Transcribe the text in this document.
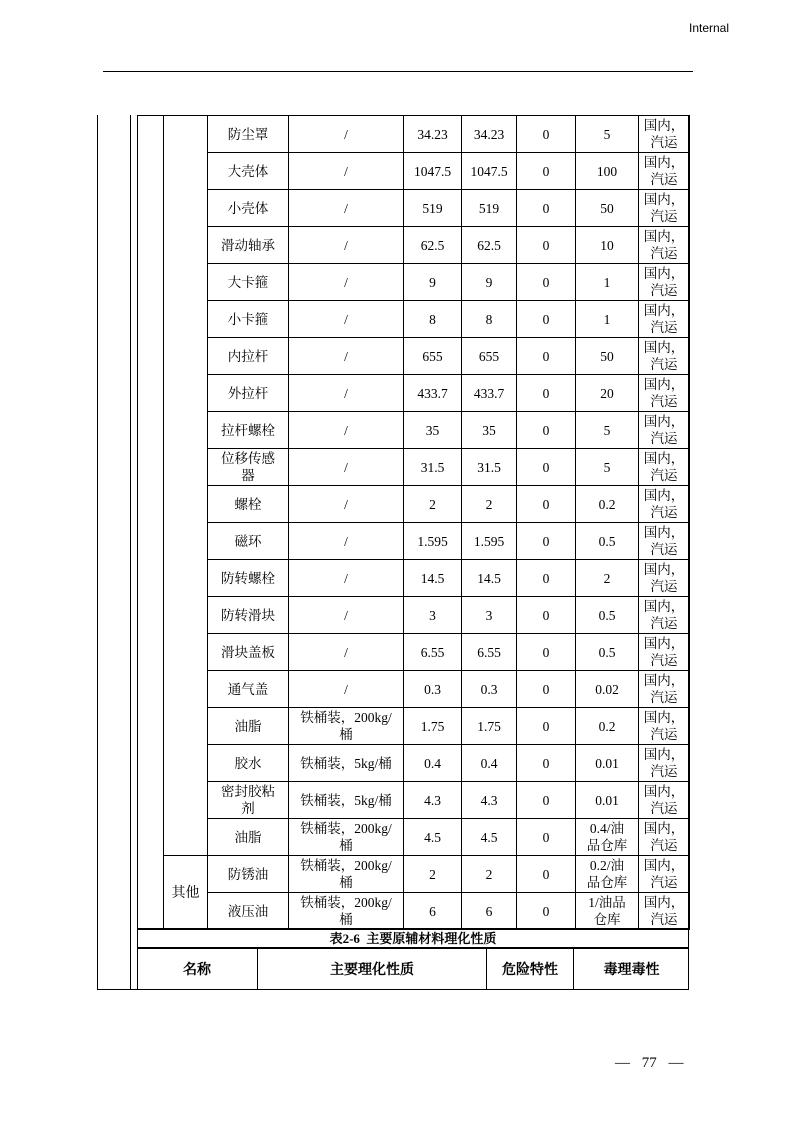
Internal
		防尘罩	/	34.23	34.23	0	5	国内，汽运
		大壳体	/	1047.5	1047.5	0	100	国内，汽运
		小壳体	/	519	519	0	50	国内，汽运
		滑动轴承	/	62.5	62.5	0	10	国内，汽运
		大卡箍	/	9	9	0	1	国内，汽运
		小卡箍	/	8	8	0	1	国内，汽运
		内拉杆	/	655	655	0	50	国内，汽运
		外拉杆	/	433.7	433.7	0	20	国内，汽运
		拉杆螺栓	/	35	35	0	5	国内，汽运
		位移传感器	/	31.5	31.5	0	5	国内，汽运
		螺栓	/	2	2	0	0.2	国内，汽运
		磁环	/	1.595	1.595	0	0.5	国内，汽运
		防转螺栓	/	14.5	14.5	0	2	国内，汽运
		防转滑块	/	3	3	0	0.5	国内，汽运
		滑块盖板	/	6.55	6.55	0	0.5	国内，汽运
		通气盖	/	0.3	0.3	0	0.02	国内，汽运
		油脂	铁桶装，200kg/桶	1.75	1.75	0	0.2	国内，汽运
		胶水	铁桶装，5kg/桶	0.4	0.4	0	0.01	国内，汽运
		密封胶粘剂	铁桶装，5kg/桶	4.3	4.3	0	0.01	国内，汽运
		油脂	铁桶装，200kg/桶	4.5	4.5	0	0.4/油品仓库	国内，汽运
	其他	防锈油	铁桶装，200kg/桶	2	2	0	0.2/油品仓库	国内，汽运
		液压油	铁桶装，200kg/桶	6	6	0	1/油品仓库	国内，汽运
表2-6  主要原辅材料理化性质
名称	主要理化性质	危险特性	毒理毒性
— 77 —
